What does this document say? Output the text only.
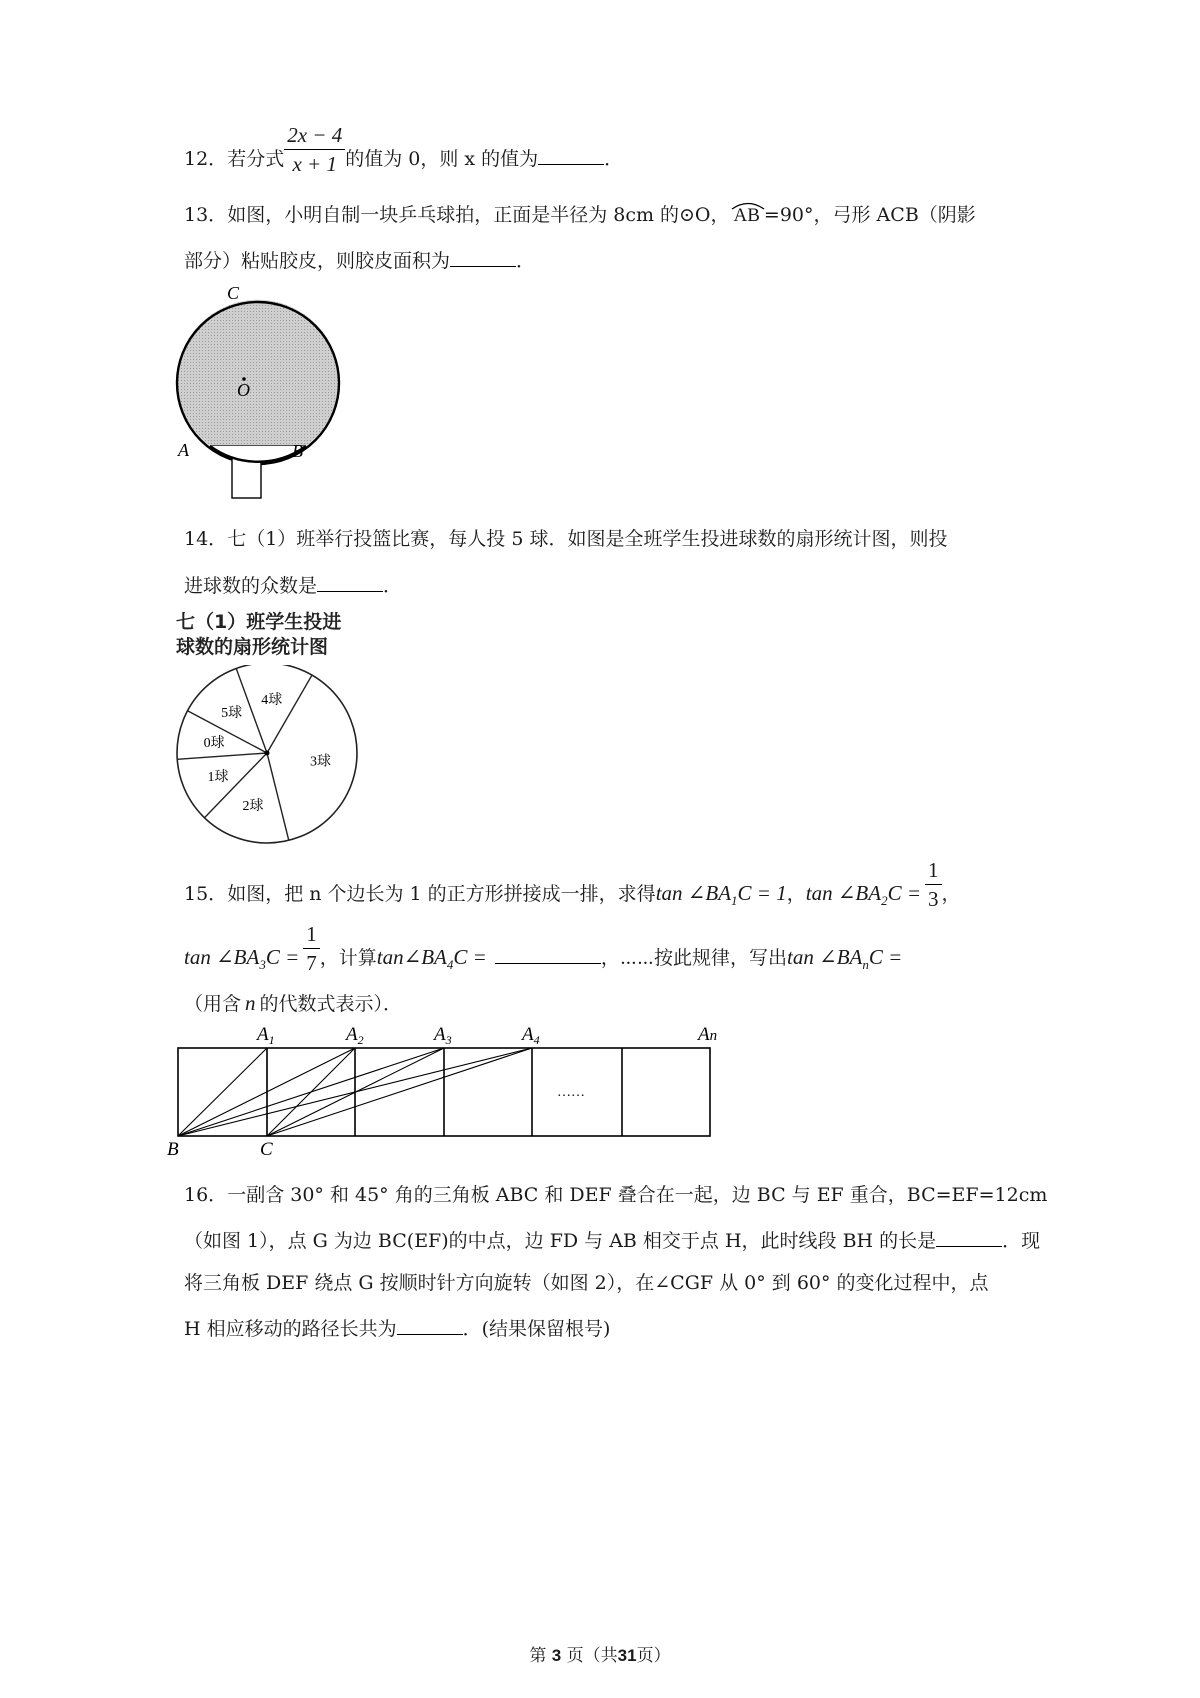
12．若分式 $\frac{2x - 4}{x + 1}$ 的值为 0，则 x 的值为	．
13．如图，小明自制一块乒乓球拍，正面是半径为 8cm 的⊙O， AB =90°，弓形 ACB（阴影
部分）粘贴胶皮，则胶皮面积为	．
C
O
A	B
14．七（1）班举行投篮比赛，每人投 5 球．如图是全班学生投进球数的扇形统计图，则投
进球数的众数是	．
七（1）班学生投进
球数的扇形统计图
3球
2球
1球
0球
5球
4球
15．如图，把 n 个边长为 1 的正方形拼接成一排，求得$\tan \angle BA_1C = 1$，$\tan \angle BA_2C = \frac{1}{3}$ ，
$\tan \angle BA_3C = \frac{1}{7}$ ，计算$\tan\angle BA_4C$ =	，⋯⋯按此规律，写出$\tan \angle BA_nC$ =
（用含 n 的代数式表示）．
……
$A_1$	$A_2$	$A_3$	$A_4$	An
B	C
16．一副含 30° 和 45° 角的三角板 ABC 和 DEF 叠合在一起，边 BC 与 EF 重合，BC=EF=12cm
（如图 1），点 G 为边 BC(EF)的中点，边 FD 与 AB 相交于点 H，此时线段 BH 的长是	．现
将三角板 DEF 绕点 G 按顺时针方向旋转（如图 2），在∠CGF 从 0° 到 60° 的变化过程中，点
H 相应移动的路径长共为	．(结果保留根号)
第 3 页（共31页）
